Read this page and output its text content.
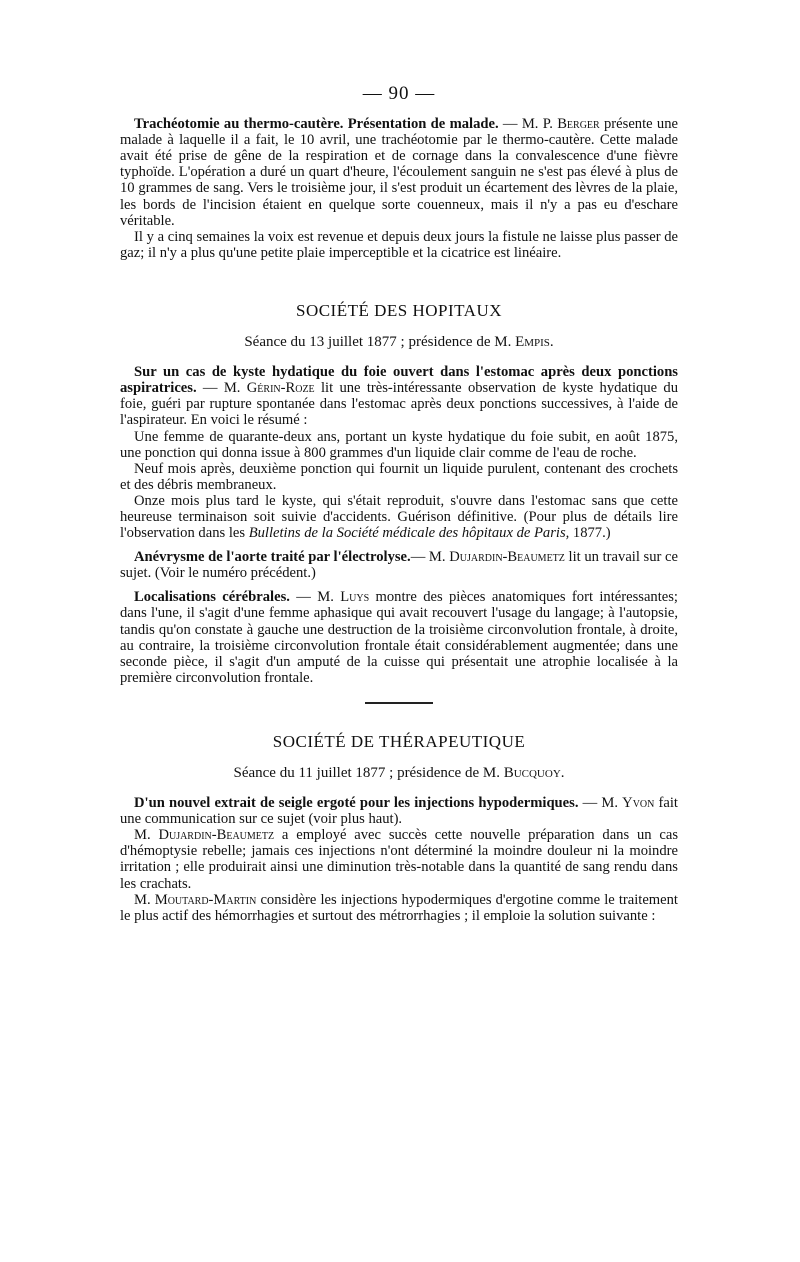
— 90 —

Trachéotomie au thermo-cautère. Présentation de malade. — M. P. Berger présente une malade à laquelle il a fait, le 10 avril, une trachéotomie par le thermo-cautère. Cette malade avait été prise de gêne de la respiration et de cornage dans la convalescence d'une fièvre typhoïde. L'opération a duré un quart d'heure, l'écoulement sanguin ne s'est pas élevé à plus de 10 grammes de sang. Vers le troisième jour, il s'est produit un écartement des lèvres de la plaie, les bords de l'incision étaient en quelque sorte couenneux, mais il n'y a pas eu d'eschare véritable.

Il y a cinq semaines la voix est revenue et depuis deux jours la fistule ne laisse plus passer de gaz; il n'y a plus qu'une petite plaie imperceptible et la cicatrice est linéaire.

SOCIÉTÉ DES HOPITAUX
Séance du 13 juillet 1877 ; présidence de M. Empis.

Sur un cas de kyste hydatique du foie ouvert dans l'estomac après deux ponctions aspiratrices. — M. Gérin-Roze lit une très-intéressante observation de kyste hydatique du foie, guéri par rupture spontanée dans l'estomac après deux ponctions successives, à l'aide de l'aspirateur. En voici le résumé :

Une femme de quarante-deux ans, portant un kyste hydatique du foie subit, en août 1875, une ponction qui donna issue à 800 grammes d'un liquide clair comme de l'eau de roche.

Neuf mois après, deuxième ponction qui fournit un liquide purulent, contenant des crochets et des débris membraneux.

Onze mois plus tard le kyste, qui s'était reproduit, s'ouvre dans l'estomac sans que cette heureuse terminaison soit suivie d'accidents. Guérison définitive. (Pour plus de détails lire l'observation dans les Bulletins de la Société médicale des hôpitaux de Paris, 1877.)

Anévrysme de l'aorte traité par l'électrolyse.— M. Dujardin-Beaumetz lit un travail sur ce sujet. (Voir le numéro précédent.)

Localisations cérébrales. — M. Luys montre des pièces anatomiques fort intéressantes; dans l'une, il s'agit d'une femme aphasique qui avait recouvert l'usage du langage; à l'autopsie, tandis qu'on constate à gauche une destruction de la troisième circonvolution frontale, à droite, au contraire, la troisième circonvolution frontale était considérablement augmentée; dans une seconde pièce, il s'agit d'un amputé de la cuisse qui présentait une atrophie localisée à la première circonvolution frontale.

SOCIÉTÉ DE THÉRAPEUTIQUE
Séance du 11 juillet 1877 ; présidence de M. Bucquoy.

D'un nouvel extrait de seigle ergoté pour les injections hypodermiques. — M. Yvon fait une communication sur ce sujet (voir plus haut).

M. Dujardin-Beaumetz a employé avec succès cette nouvelle préparation dans un cas d'hémoptysie rebelle; jamais ces injections n'ont déterminé la moindre douleur ni la moindre irritation ; elle produirait ainsi une diminution très-notable dans la quantité de sang rendu dans les crachats.

M. Moutard-Martin considère les injections hypodermiques d'ergotine comme le traitement le plus actif des hémorrhagies et surtout des métrorrhagies ; il emploie la solution suivante :
